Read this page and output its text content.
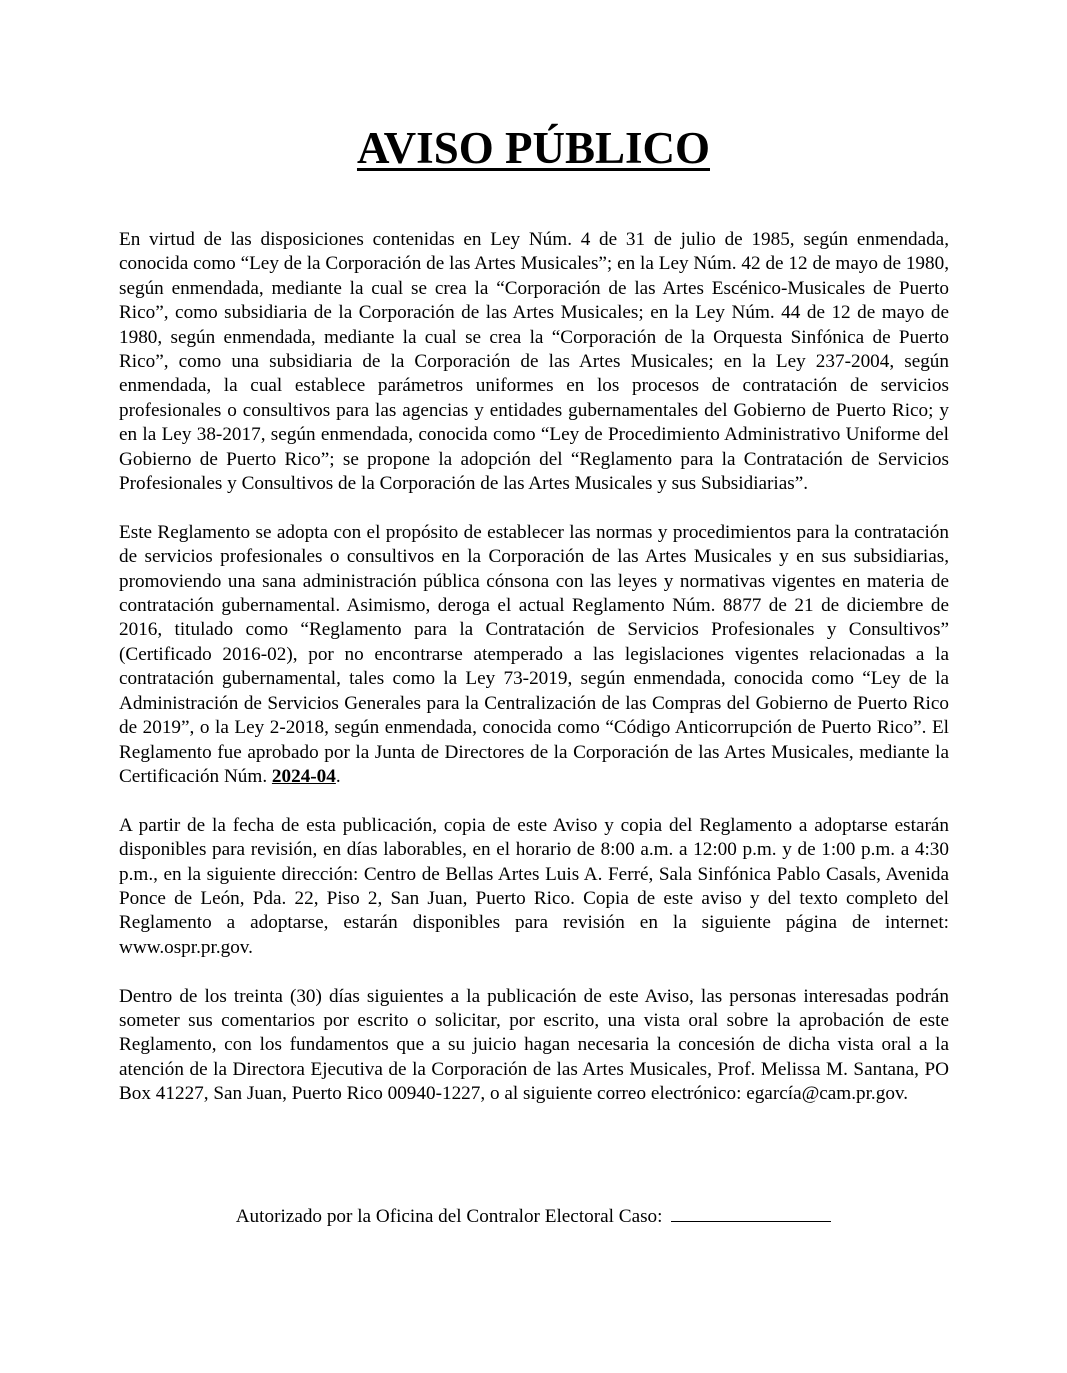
AVISO PÚBLICO

En virtud de las disposiciones contenidas en Ley Núm. 4 de 31 de julio de 1985, según enmendada, conocida como “Ley de la Corporación de las Artes Musicales”; en la Ley Núm. 42 de 12 de mayo de 1980, según enmendada, mediante la cual se crea la “Corporación de las Artes Escénico-Musicales de Puerto Rico”, como subsidiaria de la Corporación de las Artes Musicales; en la Ley Núm. 44 de 12 de mayo de 1980, según enmendada, mediante la cual se crea la “Corporación de la Orquesta Sinfónica de Puerto Rico”, como una subsidiaria de la Corporación de las Artes Musicales; en la Ley 237-2004, según enmendada, la cual establece parámetros uniformes en los procesos de contratación de servicios profesionales o consultivos para las agencias y entidades gubernamentales del Gobierno de Puerto Rico; y en la Ley 38-2017, según enmendada, conocida como “Ley de Procedimiento Administrativo Uniforme del Gobierno de Puerto Rico”; se propone la adopción del “Reglamento para la Contratación de Servicios Profesionales y Consultivos de la Corporación de las Artes Musicales y sus Subsidiarias”.

Este Reglamento se adopta con el propósito de establecer las normas y procedimientos para la contratación de servicios profesionales o consultivos en la Corporación de las Artes Musicales y en sus subsidiarias, promoviendo una sana administración pública cónsona con las leyes y normativas vigentes en materia de contratación gubernamental. Asimismo, deroga el actual Reglamento Núm. 8877 de 21 de diciembre de 2016, titulado como “Reglamento para la Contratación de Servicios Profesionales y Consultivos” (Certificado 2016-02), por no encontrarse atemperado a las legislaciones vigentes relacionadas a la contratación gubernamental, tales como la Ley 73-2019, según enmendada, conocida como “Ley de la Administración de Servicios Generales para la Centralización de las Compras del Gobierno de Puerto Rico de 2019”, o la Ley 2-2018, según enmendada, conocida como “Código Anticorrupción de Puerto Rico”. El Reglamento fue aprobado por la Junta de Directores de la Corporación de las Artes Musicales, mediante la Certificación Núm. 2024-04.

A partir de la fecha de esta publicación, copia de este Aviso y copia del Reglamento a adoptarse estarán disponibles para revisión, en días laborables, en el horario de 8:00 a.m. a 12:00 p.m. y de 1:00 p.m. a 4:30 p.m., en la siguiente dirección: Centro de Bellas Artes Luis A. Ferré, Sala Sinfónica Pablo Casals, Avenida Ponce de León, Pda. 22, Piso 2, San Juan, Puerto Rico. Copia de este aviso y del texto completo del Reglamento a adoptarse, estarán disponibles para revisión en la siguiente página de internet: www.ospr.pr.gov.

Dentro de los treinta (30) días siguientes a la publicación de este Aviso, las personas interesadas podrán someter sus comentarios por escrito o solicitar, por escrito, una vista oral sobre la aprobación de este Reglamento, con los fundamentos que a su juicio hagan necesaria la concesión de dicha vista oral a la atención de la Directora Ejecutiva de la Corporación de las Artes Musicales, Prof. Melissa M. Santana, PO Box 41227, San Juan, Puerto Rico 00940-1227, o al siguiente correo electrónico: egarcía@cam.pr.gov.

Autorizado por la Oficina del Contralor Electoral Caso:
